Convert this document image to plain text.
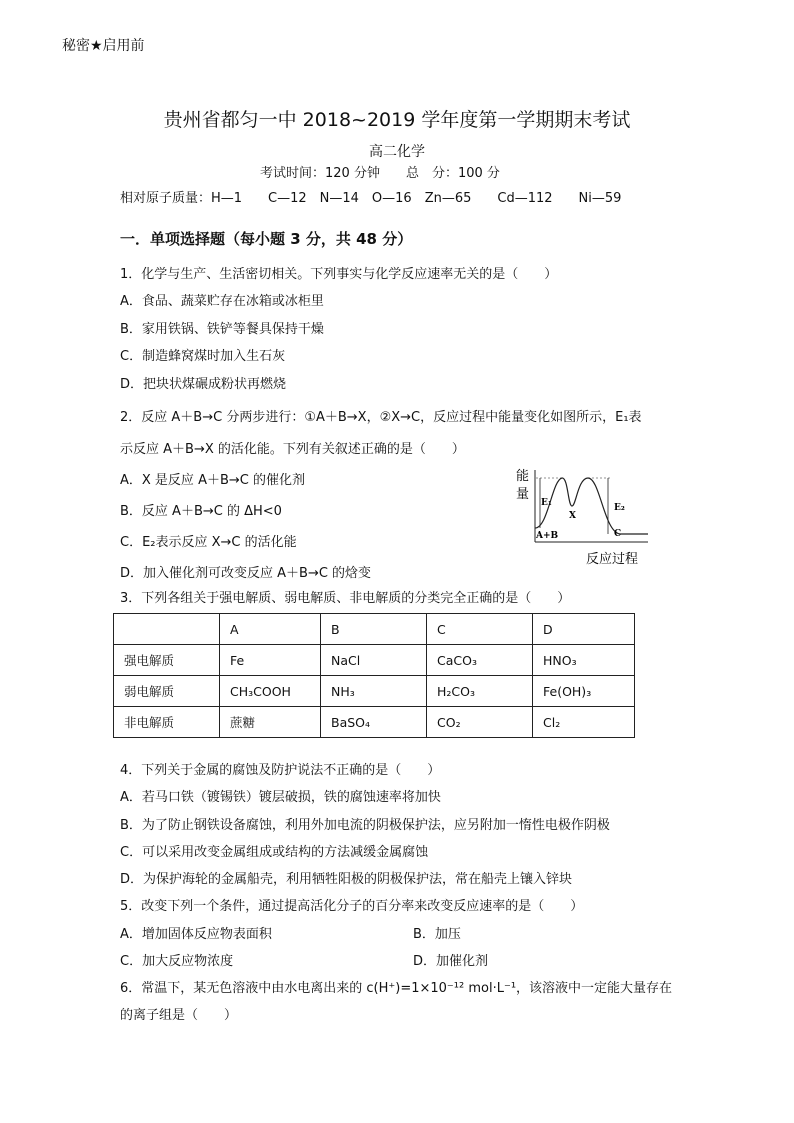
秘密★启用前
贵州省都匀一中 2018~2019 学年度第一学期期末考试
高二化学
考试时间：120 分钟　　总　分：100 分
相对原子质量：H—1　　C—12　N—14　O—16　Zn—65　　Cd—112　　Ni—59
一．单项选择题（每小题 3 分，共 48 分）
1．化学与生产、生活密切相关。下列事实与化学反应速率无关的是（　　）
A．食品、蔬菜贮存在冰箱或冰柜里
B．家用铁锅、铁铲等餐具保持干燥
C．制造蜂窝煤时加入生石灰
D．把块状煤碾成粉状再燃烧
2．反应 A＋B→C 分两步进行：①A＋B→X，②X→C，反应过程中能量变化如图所示，E₁表
示反应 A＋B→X 的活化能。下列有关叙述正确的是（　　）
A．X 是反应 A＋B→C 的催化剂
B．反应 A＋B→C 的 ΔH<0
C．E₂表示反应 X→C 的活化能
D．加入催化剂可改变反应 A＋B→C 的焓变
能
量
E₁	E₂
X
A+B	C
反应过程
3．下列各组关于强电解质、弱电解质、非电解质的分类完全正确的是（　　）
	A	B	C	D
强电解质	Fe	NaCl	CaCO₃	HNO₃
弱电解质	CH₃COOH	NH₃	H₂CO₃	Fe(OH)₃
非电解质	蔗糖	BaSO₄	CO₂	Cl₂
4．下列关于金属的腐蚀及防护说法不正确的是（　　）
A．若马口铁（镀锡铁）镀层破损，铁的腐蚀速率将加快
B．为了防止钢铁设备腐蚀，利用外加电流的阴极保护法，应另附加一惰性电极作阴极
C．可以采用改变金属组成或结构的方法减缓金属腐蚀
D．为保护海轮的金属船壳，利用牺牲阳极的阴极保护法，常在船壳上镶入锌块
5．改变下列一个条件，通过提高活化分子的百分率来改变反应速率的是（　　）
A．增加固体反应物表面积	B．加压
C．加大反应物浓度	D．加催化剂
6．常温下，某无色溶液中由水电离出来的 c(H⁺)=1×10⁻¹² mol·L⁻¹，该溶液中一定能大量存在
的离子组是（　　）
